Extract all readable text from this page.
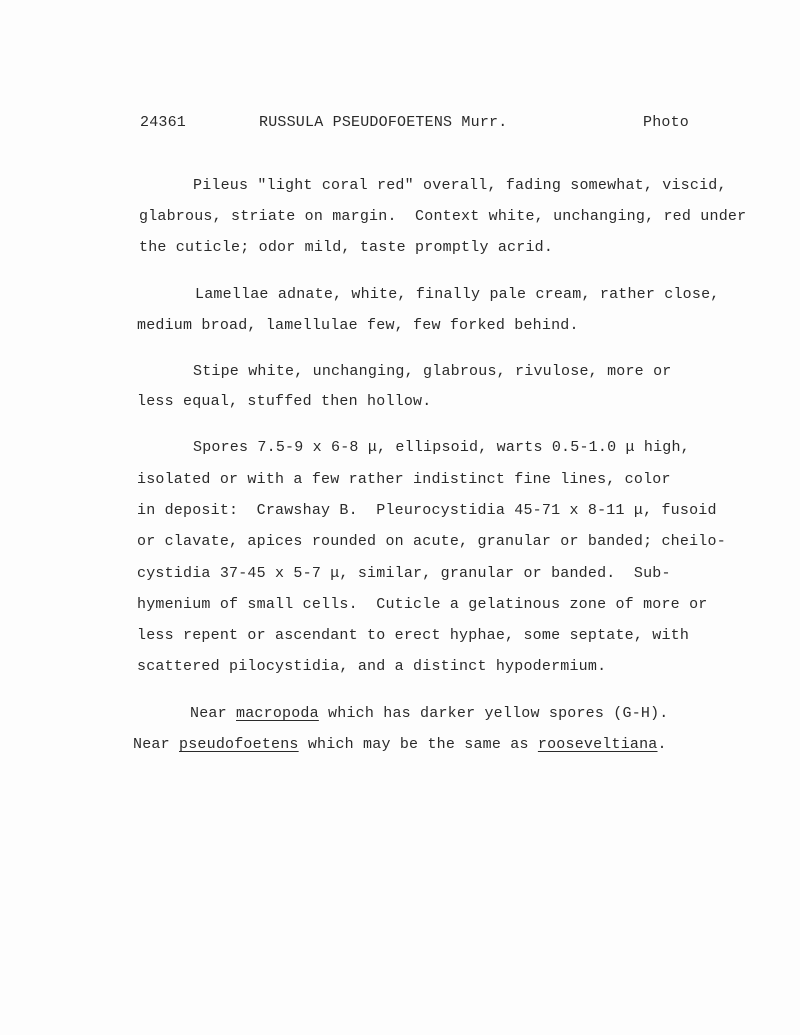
24361	RUSSULA PSEUDOFOETENS Murr.	Photo
Pileus "light coral red" overall, fading somewhat, viscid,
glabrous, striate on margin.  Context white, unchanging, red under
the cuticle; odor mild, taste promptly acrid.
Lamellae adnate, white, finally pale cream, rather close,
medium broad, lamellulae few, few forked behind.
Stipe white, unchanging, glabrous, rivulose, more or
less equal, stuffed then hollow.
Spores 7.5-9 x 6-8 μ, ellipsoid, warts 0.5-1.0 μ high,
isolated or with a few rather indistinct fine lines, color
in deposit:  Crawshay B.  Pleurocystidia 45-71 x 8-11 μ, fusoid
or clavate, apices rounded on acute, granular or banded; cheilo-
cystidia 37-45 x 5-7 μ, similar, granular or banded.  Sub-
hymenium of small cells.  Cuticle a gelatinous zone of more or
less repent or ascendant to erect hyphae, some septate, with
scattered pilocystidia, and a distinct hypodermium.
Near macropoda which has darker yellow spores (G-H).
Near pseudofoetens which may be the same as rooseveltiana.
